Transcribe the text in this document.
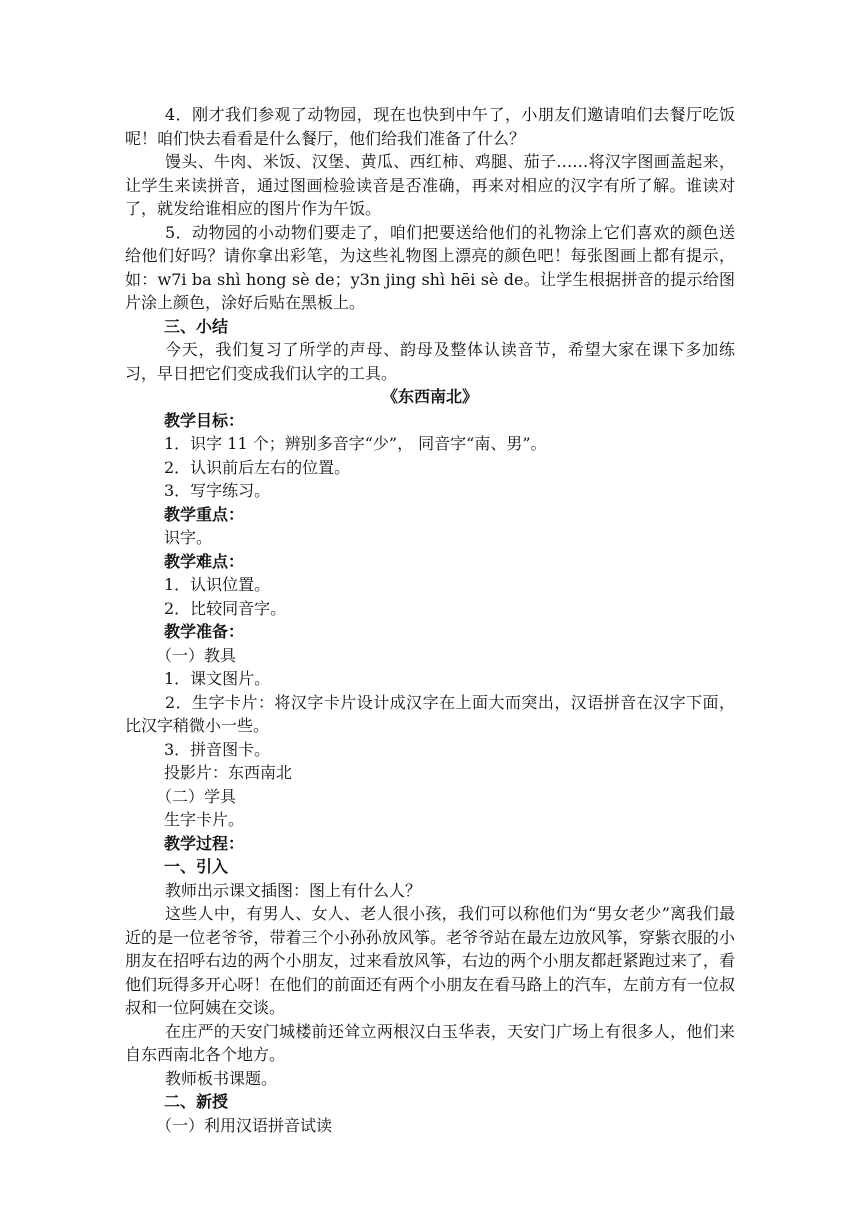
4．刚才我们参观了动物园，现在也快到中午了，小朋友们邀请咱们去餐厅吃饭呢！咱们快去看看是什么餐厅，他们给我们准备了什么？

馒头、牛肉、米饭、汉堡、黄瓜、西红柿、鸡腿、茄子……将汉字图画盖起来，让学生来读拼音，通过图画检验读音是否准确，再来对相应的汉字有所了解。谁读对了，就发给谁相应的图片作为午饭。

5．动物园的小动物们要走了，咱们把要送给他们的礼物涂上它们喜欢的颜色送给他们好吗？请你拿出彩笔，为这些礼物图上漂亮的颜色吧！每张图画上都有提示，如：w7i ba shì hong sè de；y3n jing shì hēi sè de。让学生根据拼音的提示给图片涂上颜色，涂好后贴在黑板上。

三、小结

今天，我们复习了所学的声母、韵母及整体认读音节，希望大家在课下多加练习，早日把它们变成我们认字的工具。

《东西南北》

教学目标：

1．识字 11 个；辨别多音字“少”， 同音字“南、男”。

2．认识前后左右的位置。

3．写字练习。

教学重点：

识字。

教学难点：

1．认识位置。

2．比较同音字。

教学准备：

（一）教具

1．课文图片。

2．生字卡片：将汉字卡片设计成汉字在上面大而突出，汉语拼音在汉字下面，比汉字稍微小一些。

3．拼音图卡。

投影片：东西南北

（二）学具

生字卡片。

教学过程：

一、引入

教师出示课文插图：图上有什么人？

这些人中，有男人、女人、老人很小孩，我们可以称他们为“男女老少”离我们最近的是一位老爷爷，带着三个小孙孙放风筝。老爷爷站在最左边放风筝，穿紫衣服的小朋友在招呼右边的两个小朋友，过来看放风筝，右边的两个小朋友都赶紧跑过来了，看他们玩得多开心呀！在他们的前面还有两个小朋友在看马路上的汽车，左前方有一位叔叔和一位阿姨在交谈。

在庄严的天安门城楼前还耸立两根汉白玉华表，天安门广场上有很多人，他们来自东西南北各个地方。

教师板书课题。

二、新授

（一）利用汉语拼音试读
